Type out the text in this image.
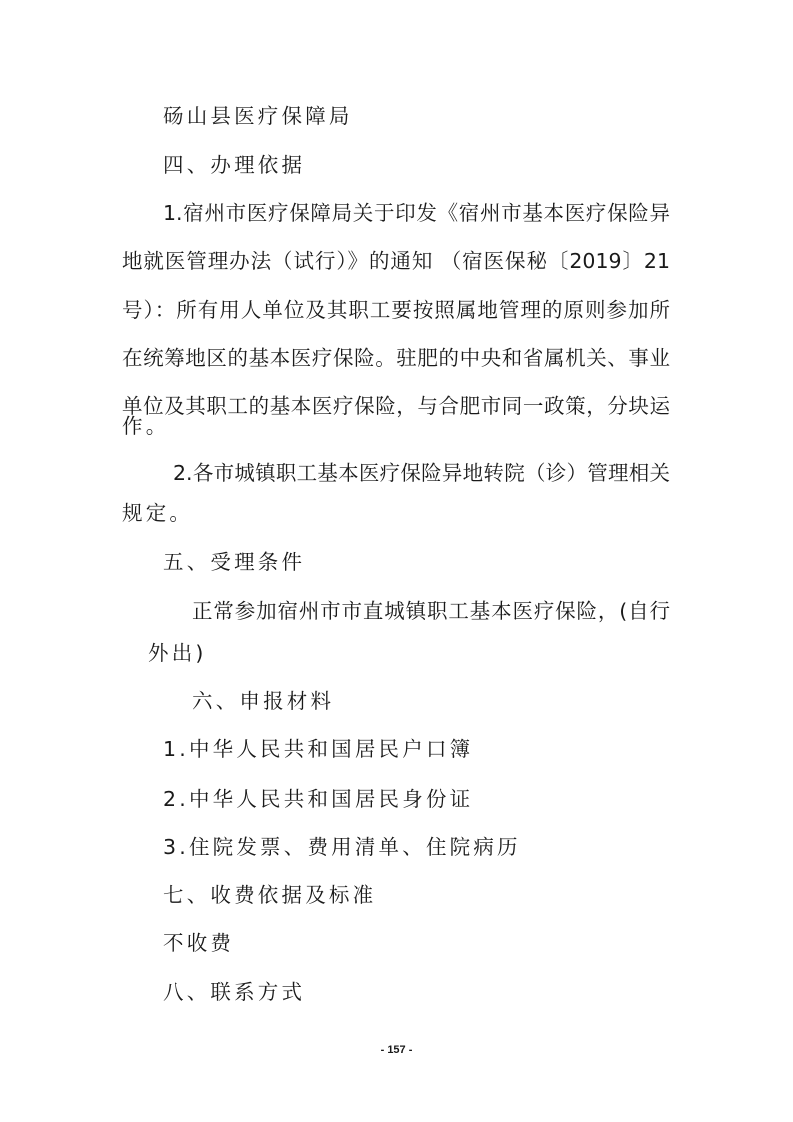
砀山县医疗保障局
四、办理依据
1.宿州市医疗保障局关于印发《宿州市基本医疗保险异
地就医管理办法（试行）》的通知 （宿医保秘〔2019〕21
号）：所有用人单位及其职工要按照属地管理的原则参加所
在统筹地区的基本医疗保险。驻肥的中央和省属机关、事业
单位及其职工的基本医疗保险，与合肥市同一政策，分块运
作。
2.各市城镇职工基本医疗保险异地转院（诊）管理相关
规定。
五、受理条件
正常参加宿州市市直城镇职工基本医疗保险，(自行
外出)
六、申报材料
1.中华人民共和国居民户口簿
2.中华人民共和国居民身份证
3.住院发票、费用清单、住院病历
七、收费依据及标准
不收费
八、联系方式
- 157 -
